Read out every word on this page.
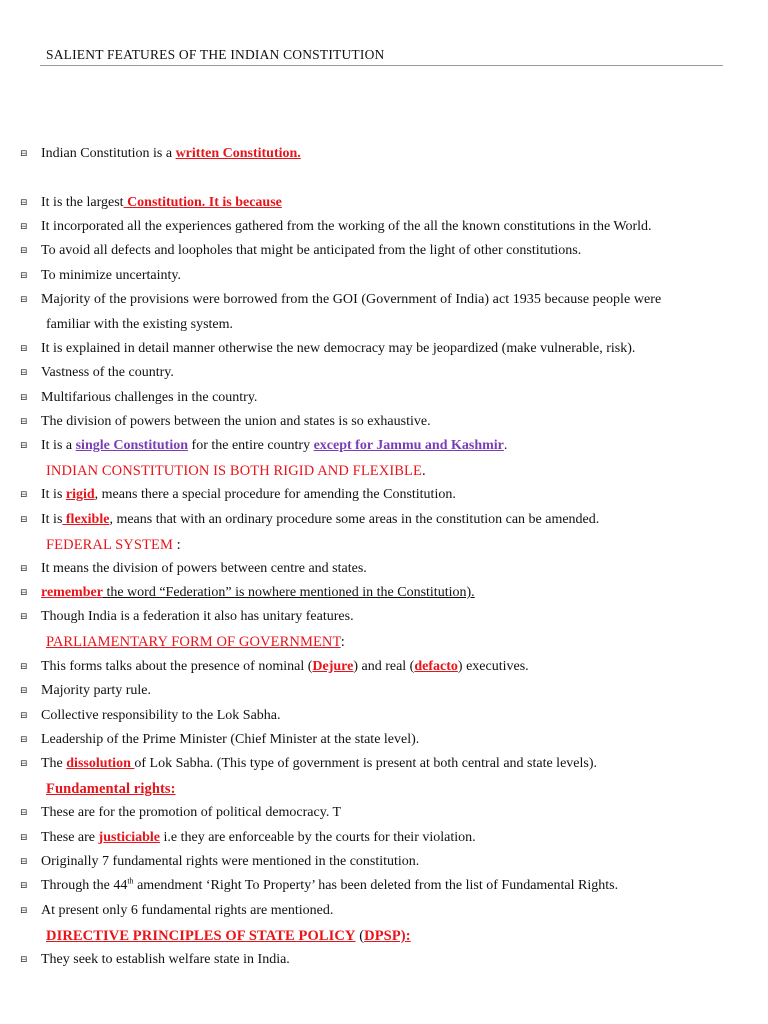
SALIENT FEATURES OF THE INDIAN CONSTITUTION
⊟ Indian Constitution is a written Constitution.
⊟ It is the largest Constitution. It is because
⊟ It incorporated all the experiences gathered from the working of the all the known constitutions in the World.
⊟ To avoid all defects and loopholes that might be anticipated from the light of other constitutions.
⊟ To minimize uncertainty.
⊟ Majority of the provisions were borrowed from the GOI (Government of India) act 1935 because people were
familiar with the existing system.
⊟ It is explained in detail manner otherwise the new democracy may be jeopardized (make vulnerable, risk).
⊟ Vastness of the country.
⊟ Multifarious challenges in the country.
⊟ The division of powers between the union and states is so exhaustive.
⊟ It is a single Constitution for the entire country except for Jammu and Kashmir.
INDIAN CONSTITUTION IS BOTH RIGID AND FLEXIBLE.
⊟ It is rigid, means there a special procedure for amending the Constitution.
⊟ It is flexible, means that with an ordinary procedure some areas in the constitution can be amended.
FEDERAL SYSTEM :
⊟ It means the division of powers between centre and states.
⊟ remember the word “Federation” is nowhere mentioned in the Constitution).
⊟ Though India is a federation it also has unitary features.
PARLIAMENTARY FORM OF GOVERNMENT:
⊟ This forms talks about the presence of nominal (Dejure) and real (defacto) executives.
⊟ Majority party rule.
⊟ Collective responsibility to the Lok Sabha.
⊟ Leadership of the Prime Minister (Chief Minister at the state level).
⊟ The dissolution of Lok Sabha. (This type of government is present at both central and state levels).
Fundamental rights:
⊟ These are for the promotion of political democracy. T
⊟ These are justiciable i.e they are enforceable by the courts for their violation.
⊟ Originally 7 fundamental rights were mentioned in the constitution.
⊟ Through the 44th amendment ‘Right To Property’ has been deleted from the list of Fundamental Rights.
⊟ At present only 6 fundamental rights are mentioned.
DIRECTIVE PRINCIPLES OF STATE POLICY (DPSP):
⊟ They seek to establish welfare state in India.
